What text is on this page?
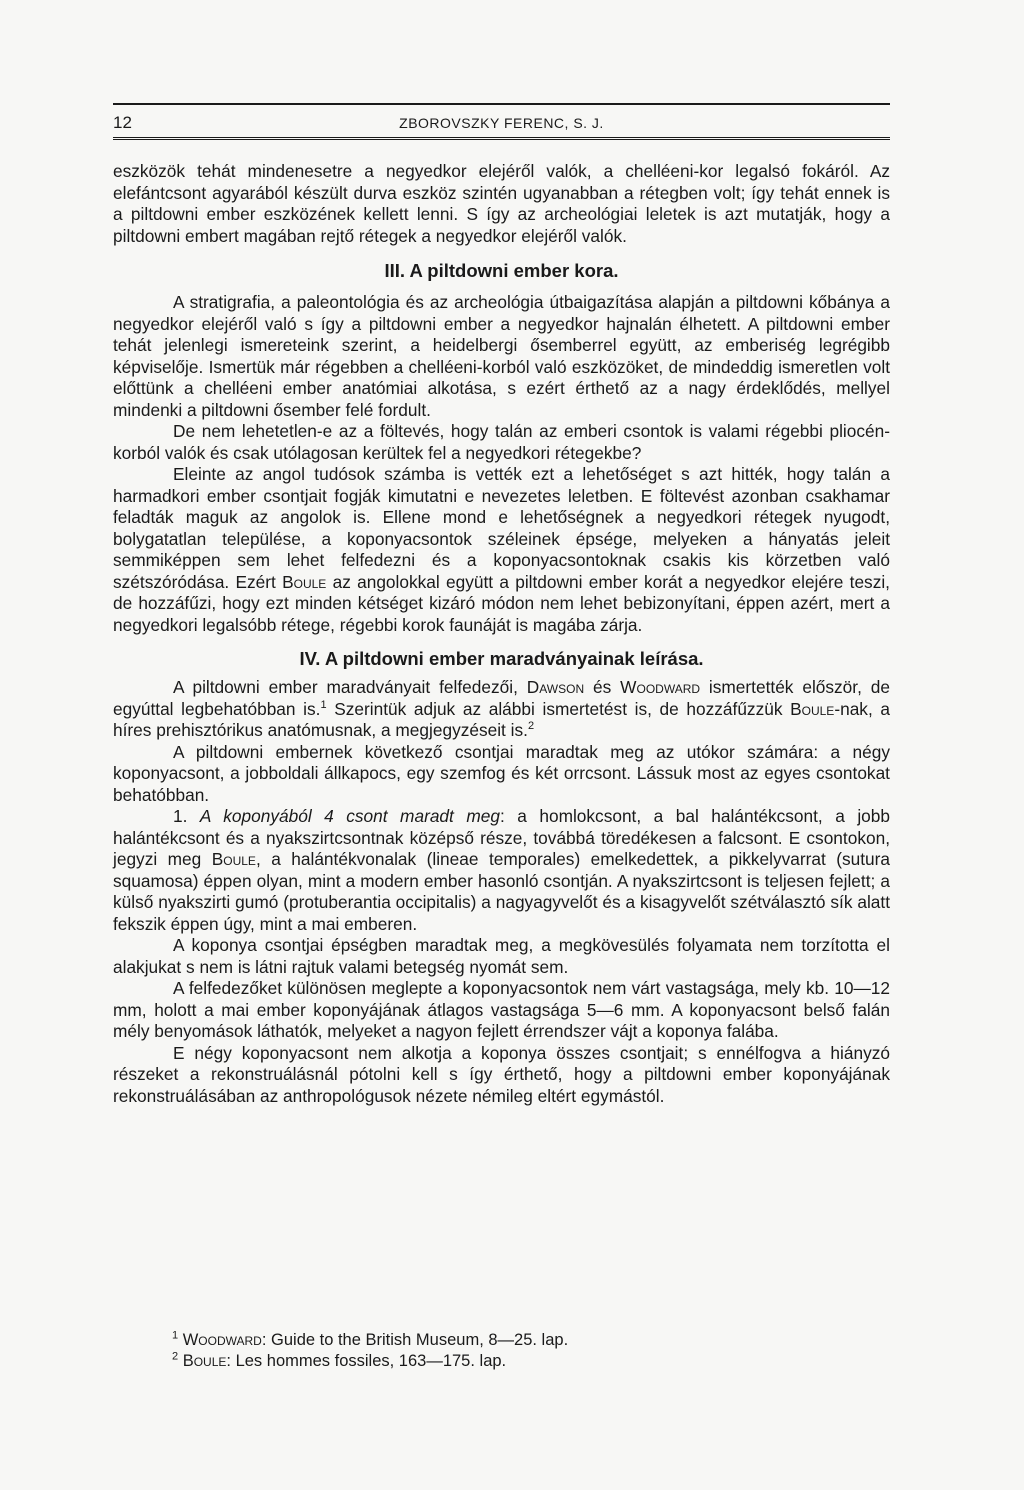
12	ZBOROVSZKY FERENC, S. J.

eszközök tehát mindenesetre a negyedkor elejéről valók, a chelléeni-kor legalsó fokáról. Az elefántcsont agyarából készült durva eszköz szintén ugyanabban a rétegben volt; így tehát ennek is a piltdowni ember eszközének kellett lenni. S így az archeológiai leletek is azt mutatják, hogy a piltdowni embert magában rejtő rétegek a negyedkor elejéről valók.

III. A piltdowni ember kora.

A stratigrafia, a paleontológia és az archeológia útbaigazítása alapján a piltdowni kőbánya a negyedkor elejéről való s így a piltdowni ember a negyedkor hajnalán élhetett. A piltdowni ember tehát jelenlegi ismereteink szerint, a heidelbergi ősemberrel együtt, az emberiség legrégibb képviselője. Ismertük már régebben a chelléeni-korból való eszközöket, de mindeddig ismeretlen volt előttünk a chelléeni ember anatómiai alkotása, s ezért érthető az a nagy érdeklődés, mellyel mindenki a piltdowni ősember felé fordult.

De nem lehetetlen-e az a föltevés, hogy talán az emberi csontok is valami régebbi pliocén-korból valók és csak utólagosan kerültek fel a negyedkori rétegekbe?

Eleinte az angol tudósok számba is vették ezt a lehetőséget s azt hitték, hogy talán a harmadkori ember csontjait fogják kimutatni e nevezetes leletben. E föltevést azonban csakhamar feladták maguk az angolok is. Ellene mond e lehetőségnek a negyedkori rétegek nyugodt, bolygatatlan települése, a koponyacsontok széleinek épsége, melyeken a hányatás jeleit semmiképpen sem lehet felfedezni és a koponyacsontoknak csakis kis körzetben való szétszóródása. Ezért Boule az angolokkal együtt a piltdowni ember korát a negyedkor elejére teszi, de hozzáfűzi, hogy ezt minden kétséget kizáró módon nem lehet bebizonyítani, éppen azért, mert a negyedkori legalsóbb rétege, régebbi korok faunáját is magába zárja.

IV. A piltdowni ember maradványainak leírása.

A piltdowni ember maradványait felfedezői, Dawson és Woodward ismertették először, de egyúttal legbehatóbban is.$^1$ Szerintük adjuk az alábbi ismertetést is, de hozzáfűzzük Boule-nak, a híres prehisztórikus anatómusnak, a megjegyzéseit is.$^2$

A piltdowni embernek következő csontjai maradtak meg az utókor számára: a négy koponyacsont, a jobboldali állkapocs, egy szemfog és két orrcsont. Lássuk most az egyes csontokat behatóbban.

1. A koponyából 4 csont maradt meg: a homlokcsont, a bal halántékcsont, a jobb halántékcsont és a nyakszirtcsontnak középső része, továbbá töredékesen a falcsont. E csontokon, jegyzi meg Boule, a halántékvonalak (lineae temporales) emelkedettek, a pikkelyvarrat (sutura squamosa) éppen olyan, mint a modern ember hasonló csontján. A nyakszirtcsont is teljesen fejlett; a külső nyakszirti gumó (protuberantia occipitalis) a nagyagyvelőt és a kisagyvelőt szétválasztó sík alatt fekszik éppen úgy, mint a mai emberen.

A koponya csontjai épségben maradtak meg, a megkövesülés folyamata nem torzította el alakjukat s nem is látni rajtuk valami betegség nyomát sem.

A felfedezőket különösen meglepte a koponyacsontok nem várt vastagsága, mely kb. 10—12 mm, holott a mai ember koponyájának átlagos vastagsága 5—6 mm. A koponyacsont belső falán mély benyomások láthatók, melyeket a nagyon fejlett érrendszer vájt a koponya falába.

E négy koponyacsont nem alkotja a koponya összes csontjait; s ennélfogva a hiányzó részeket a rekonstruálásnál pótolni kell s így érthető, hogy a piltdowni ember koponyájának rekonstruálásában az anthropológusok nézete némileg eltért egymástól.

$^1$ Woodward: Guide to the British Museum, 8—25. lap.

$^2$ Boule: Les hommes fossiles, 163—175. lap.
